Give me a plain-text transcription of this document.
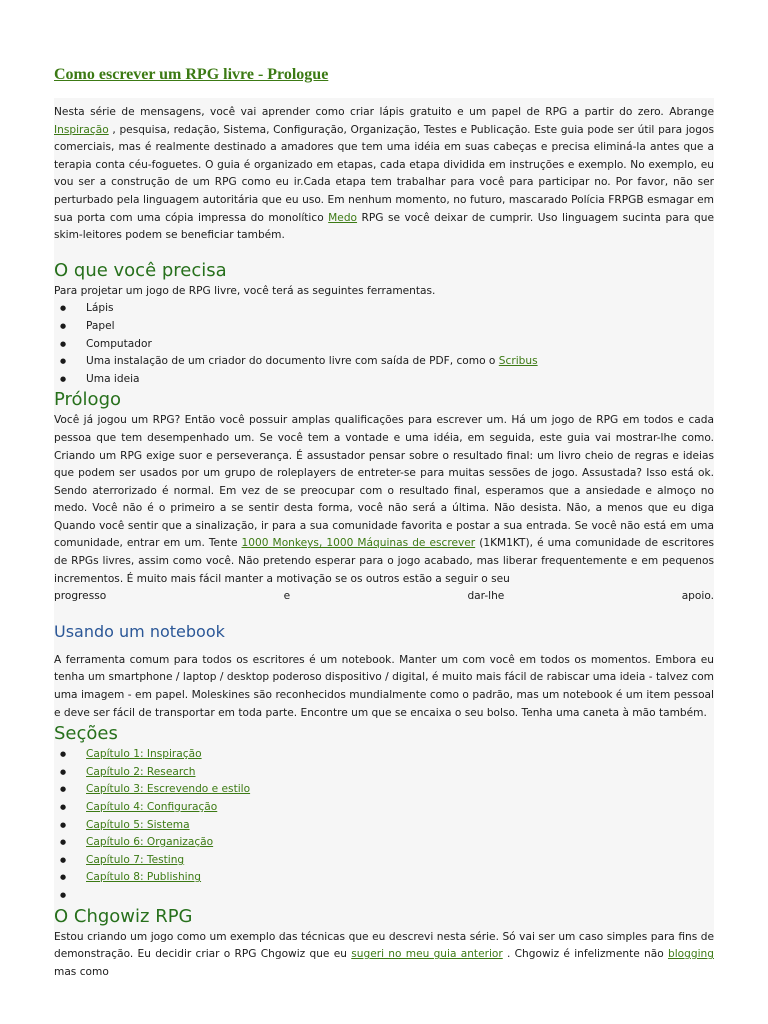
Como escrever um RPG livre - Prologue

Nesta série de mensagens, você vai aprender como criar lápis gratuito e um papel de RPG a partir do zero. Abrange Inspiração , pesquisa, redação, Sistema, Configuração, Organização, Testes e Publicação. Este guia pode ser útil para jogos comerciais, mas é realmente destinado a amadores que tem uma idéia em suas cabeças e precisa eliminá-la antes que a terapia conta céu-foguetes. O guia é organizado em etapas, cada etapa dividida em instruções e exemplo. No exemplo, eu vou ser a construção de um RPG como eu ir.Cada etapa tem trabalhar para você para participar no. Por favor, não ser perturbado pela linguagem autoritária que eu uso. Em nenhum momento, no futuro, mascarado Polícia FRPGB esmagar em sua porta com uma cópia impressa do monolítico Medo RPG se você deixar de cumprir. Uso linguagem sucinta para que skim-leitores podem se beneficiar também.

O que você precisa

Para projetar um jogo de RPG livre, você terá as seguintes ferramentas.

● Lápis
● Papel
● Computador
● Uma instalação de um criador do documento livre com saída de PDF, como o Scribus
● Uma ideia
Prólogo

Você já jogou um RPG? Então você possuir amplas qualificações para escrever um. Há um jogo de RPG em todos e cada pessoa que tem desempenhado um. Se você tem a vontade e uma idéia, em seguida, este guia vai mostrar-lhe como. Criando um RPG exige suor e perseverança. É assustador pensar sobre o resultado final: um livro cheio de regras e ideias que podem ser usados por um grupo de roleplayers de entreter-se para muitas sessões de jogo. Assustada? Isso está ok. Sendo aterrorizado é normal. Em vez de se preocupar com o resultado final, esperamos que a ansiedade e almoço no medo. Você não é o primeiro a se sentir desta forma, você não será a última. Não desista. Não, a menos que eu diga Quando você sentir que a sinalização, ir para a sua comunidade favorita e postar a sua entrada. Se você não está em uma comunidade, entrar em um. Tente 1000 Monkeys, 1000 Máquinas de escrever (1KM1KT), é uma comunidade de escritores de RPGs livres, assim como você. Não pretendo esperar para o jogo acabado, mas liberar frequentemente e em pequenos incrementos. É muito mais fácil manter a motivação se os outros estão a seguir o seu

progresso	e	dar-lhe	apoio.
Usando um notebook

A ferramenta comum para todos os escritores é um notebook. Manter um com você em todos os momentos. Embora eu tenha um smartphone / laptop / desktop poderoso dispositivo / digital, é muito mais fácil de rabiscar uma ideia - talvez com uma imagem - em papel. Moleskines são reconhecidos mundialmente como o padrão, mas um notebook é um item pessoal e deve ser fácil de transportar em toda parte. Encontre um que se encaixa o seu bolso. Tenha uma caneta à mão também.

Seções
● Capítulo 1: Inspiração
● Capítulo 2: Research
● Capítulo 3: Escrevendo e estilo
● Capítulo 4: Configuração
● Capítulo 5: Sistema
● Capítulo 6: Organização
● Capítulo 7: Testing
● Capítulo 8: Publishing
●
O Chgowiz RPG

Estou criando um jogo como um exemplo das técnicas que eu descrevi nesta série. Só vai ser um caso simples para fins de demonstração. Eu decidir criar o RPG Chgowiz que eu sugeri no meu guia anterior . Chgowiz é infelizmente não blogging mas como
